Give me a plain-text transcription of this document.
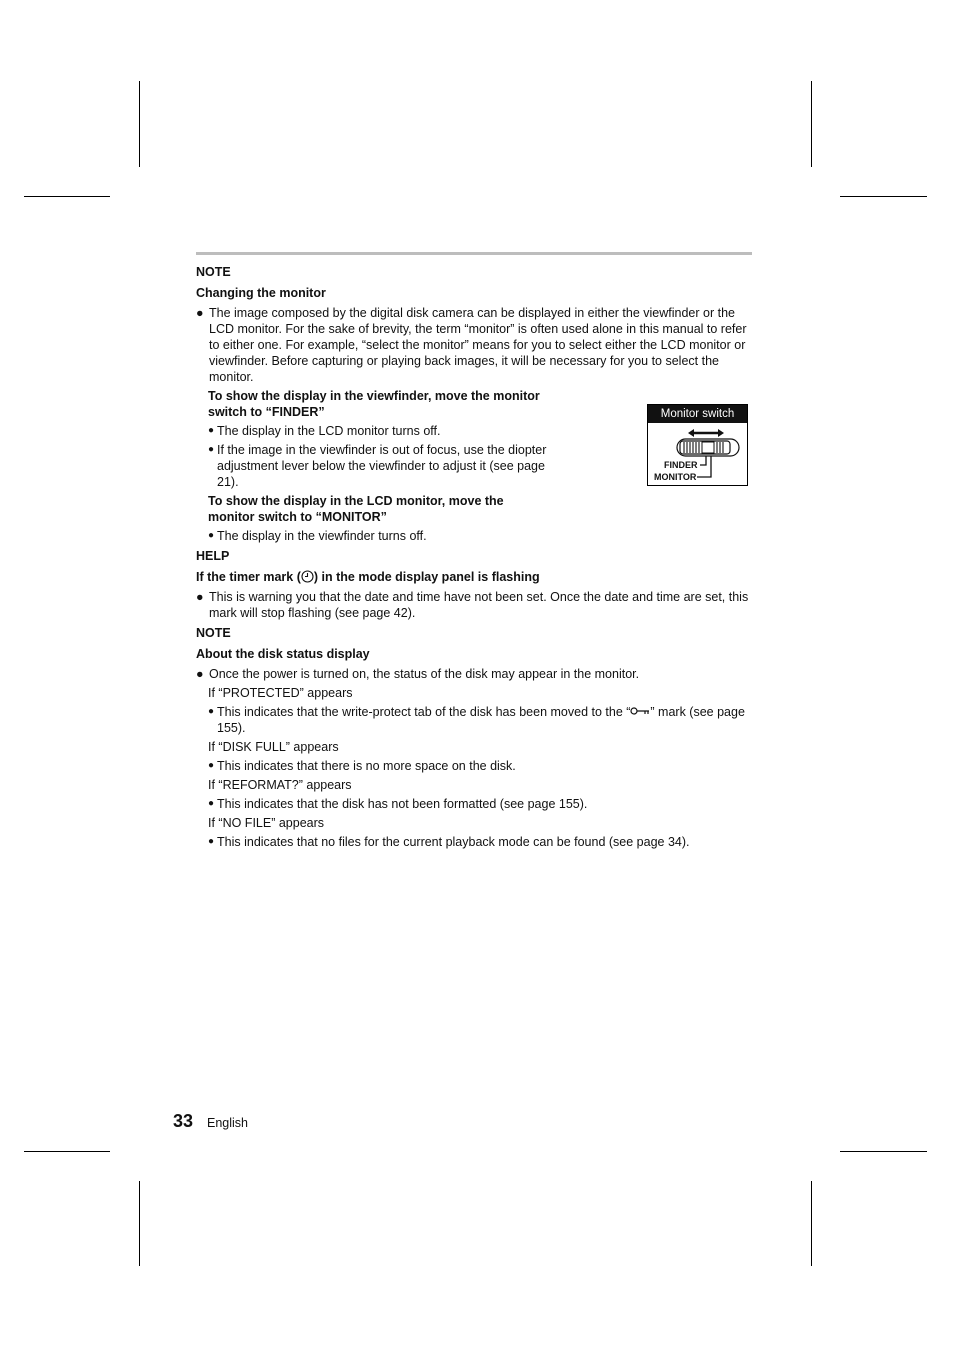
NOTE
Changing the monitor
● The image composed by the digital disk camera can be displayed in either the viewfinder or the LCD monitor. For the sake of brevity, the term “monitor” is often used alone in this manual to refer to either one. For example, “select the monitor” means for you to select either the LCD monitor or viewfinder. Before capturing or playing back images, it will be necessary for you to select the monitor.
To show the display in the viewfinder, move the monitor switch to “FINDER”
● The display in the LCD monitor turns off.
● If the image in the viewfinder is out of focus, use the diopter adjustment lever below the viewfinder to adjust it (see page 21).
To show the display in the LCD monitor, move the monitor switch to “MONITOR”
● The display in the viewfinder turns off.
HELP
If the timer mark ( ) in the mode display panel is flashing
● This is warning you that the date and time have not been set. Once the date and time are set, this mark will stop flashing (see page 42).
NOTE
About the disk status display
● Once the power is turned on, the status of the disk may appear in the monitor.
If “PROTECTED” appears
● This indicates that the write-protect tab of the disk has been moved to the “ ” mark (see page 155).
If “DISK FULL” appears
● This indicates that there is no more space on the disk.
If “REFORMAT?” appears
● This indicates that the disk has not been formatted (see page 155).
If “NO FILE” appears
● This indicates that no files for the current playback mode can be found (see page 34).
Monitor switch
FINDER
MONITOR
33 English
